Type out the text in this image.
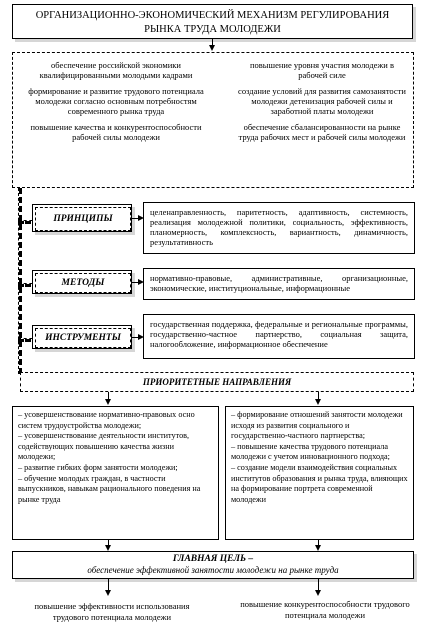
ОРГАНИЗАЦИОННО-ЭКОНОМИЧЕСКИЙ МЕХАНИЗМ РЕГУЛИРОВАНИЯ
РЫНКА ТРУДА МОЛОДЕЖИ
обеспечение российской экономики квалифицированными молодыми кадрами
формирование и развитие трудового потенциала молодежи согласно основным потребностям современного рынка труда
повышение качества и конкурентоспособности рабочей силы молодежи
повышение уровня участия молодежи в рабочей силе
создание условий для развития самозанятости молодежи детенизация рабочей силы и заработной платы молодежи
обеспечение сбалансированности на рынке труда рабочих мест и рабочей силы молодежи
ПРИНЦИПЫ
целенаправленность, паритетность, адаптивность, системность, реализация молодежной политики, социальность, эффективность, планомерность, комплексность, вариантность, динамичность, результативность
МЕТОДЫ	нормативно-правовые, административные, организационные, экономические, институциональные, информационные
ИНСТРУМЕНТЫ
государственная поддержка, федеральные и региональные программы, государственно-частное партнерство, социальная защита, налогообложение, информационное обеспечение
ПРИОРИТЕТНЫЕ НАПРАВЛЕНИЯ
– усовершенствование нормативно-правовых осно систем трудоустройства молодежи;
– усовершенствование деятельности институтов, содействующих повышению качества жизни молодежи;
– развитие гибких форм занятости молодежи;
– обучение молодых граждан, в частности выпускников, навыкам рационального поведения на рынке труда
– формирование отношений занятости молодежи исходя из развития социального и государственно-частного партнерства;
– повышение качества трудового потенциала молодежи с учетом инновационного подхода;
– создание модели взаимодействия социальных институтов образования и рынка труда, влияющих на формирование портрета современной молодежи
ГЛАВНАЯ ЦЕЛЬ –
обеспечение эффективной занятости молодежи на рынке труда
повышение эффективности использования трудового потенциала молодежи
повышение конкурентоспособности трудового потенциала молодежи
